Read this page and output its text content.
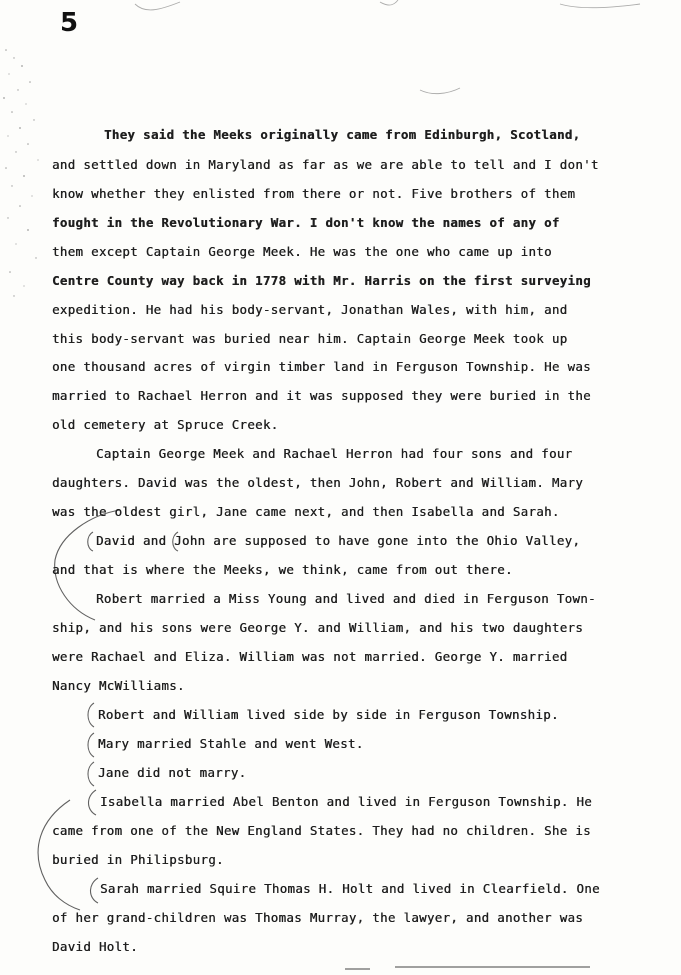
5
They said the Meeks originally came from Edinburgh, Scotland,
and settled down in Maryland as far as we are able to tell and I don't
know whether they enlisted from there or not. Five brothers of them
fought in the Revolutionary War. I don't know the names of any of
them except Captain George Meek. He was the one who came up into
Centre County way back in 1778 with Mr. Harris on the first surveying
expedition. He had his body-servant, Jonathan Wales, with him, and
this body-servant was buried near him. Captain George Meek took up
one thousand acres of virgin timber land in Ferguson Township. He was
married to Rachael Herron and it was supposed they were buried in the
old cemetery at Spruce Creek.
Captain George Meek and Rachael Herron had four sons and four
daughters. David was the oldest, then John, Robert and William. Mary
was the oldest girl, Jane came next, and then Isabella and Sarah.
David and John are supposed to have gone into the Ohio Valley,
and that is where the Meeks, we think, came from out there.
Robert married a Miss Young and lived and died in Ferguson Town-
ship, and his sons were George Y. and William, and his two daughters
were Rachael and Eliza. William was not married. George Y. married
Nancy McWilliams.
Robert and William lived side by side in Ferguson Township.
Mary married Stahle and went West.
Jane did not marry.
Isabella married Abel Benton and lived in Ferguson Township. He
came from one of the New England States. They had no children. She is
buried in Philipsburg.
Sarah married Squire Thomas H. Holt and lived in Clearfield. One
of her grand-children was Thomas Murray, the lawyer, and another was
David Holt.
